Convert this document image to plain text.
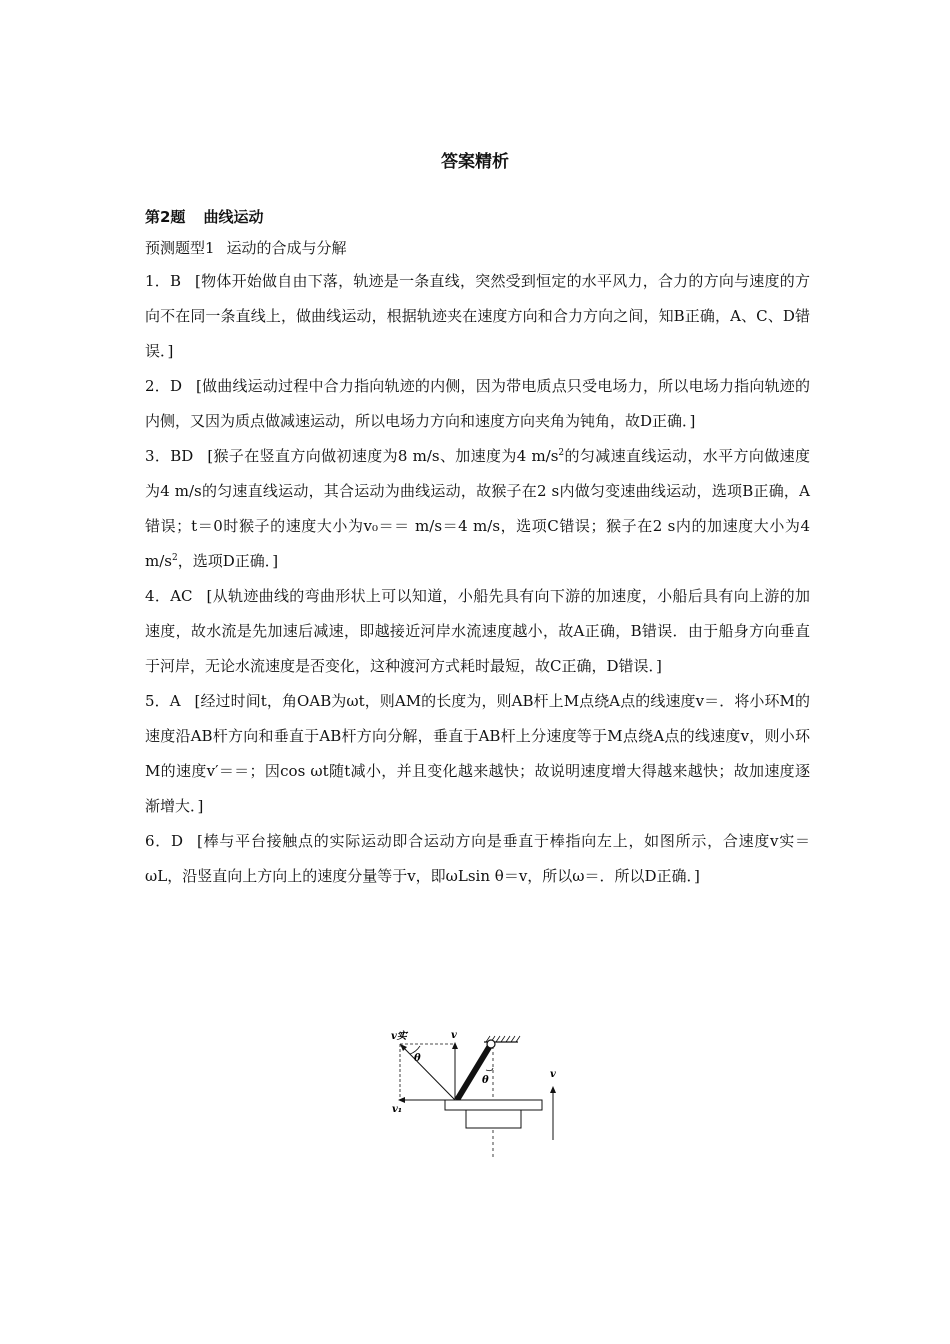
答案精析
第2题 曲线运动
预测题型1 运动的合成与分解

1．B [物体开始做自由下落，轨迹是一条直线，突然受到恒定的水平风力，合力的方向与速度的方向不在同一条直线上，做曲线运动，根据轨迹夹在速度方向和合力方向之间，知B正确，A、C、D错误．]

2．D [做曲线运动过程中合力指向轨迹的内侧，因为带电质点只受电场力，所以电场力指向轨迹的内侧，又因为质点做减速运动，所以电场力方向和速度方向夹角为钝角，故D正确．]

3．BD [猴子在竖直方向做初速度为8 m/s、加速度为4 $m/s^2$的匀减速直线运动，水平方向做速度为4 m/s的匀速直线运动，其合运动为曲线运动，故猴子在2 s内做匀变速曲线运动，选项B正确，A错误；t＝0时猴子的速度大小为v₀＝＝ m/s＝4 m/s，选项C错误；猴子在2 s内的加速度大小为4 $m/s^2$，选项D正确．]

4．AC [从轨迹曲线的弯曲形状上可以知道，小船先具有向下游的加速度，小船后具有向上游的加速度，故水流是先加速后减速，即越接近河岸水流速度越小，故A正确，B错误．由于船身方向垂直于河岸，无论水流速度是否变化，这种渡河方式耗时最短，故C正确，D错误．]

5．A [经过时间t，角OAB为ωt，则AM的长度为，则AB杆上M点绕A点的线速度v＝．将小环M的速度沿AB杆方向和垂直于AB杆方向分解，垂直于AB杆上分速度等于M点绕A点的线速度v，则小环M的速度v′＝＝；因cos ωt随t减小，并且变化越来越快；故说明速度增大得越来越快；故加速度逐渐增大．]

6．D [棒与平台接触点的实际运动即合运动方向是垂直于棒指向左上，如图所示，合速度v实＝ωL，沿竖直向上方向上的速度分量等于v，即ωLsin θ＝v，所以ω＝．所以D正确．]

v实	v
θ
θ
v₁
v
